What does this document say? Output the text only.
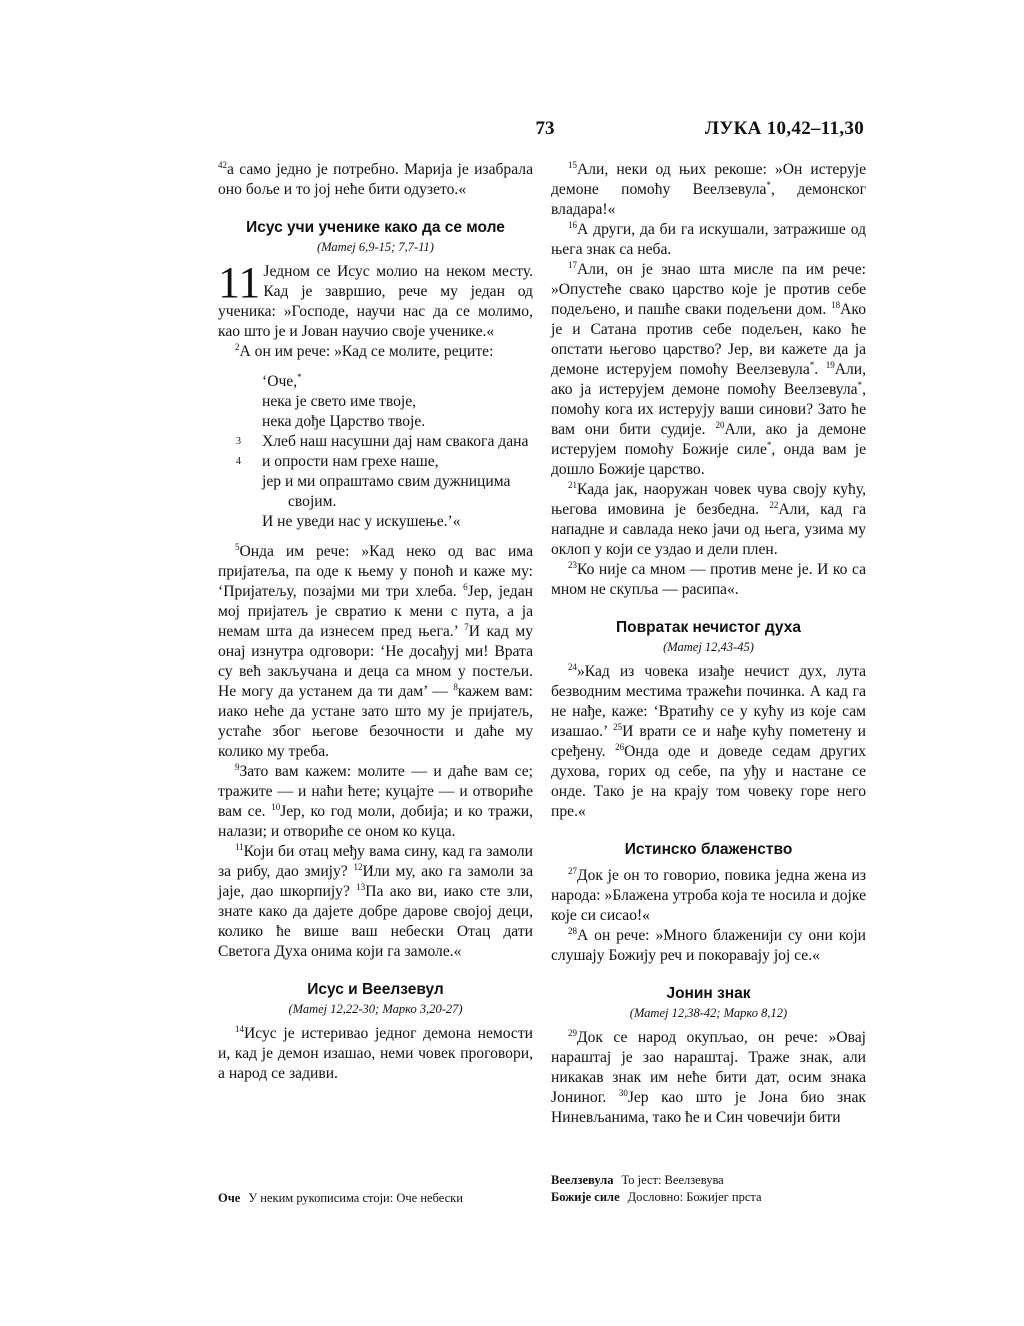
73	ЛУКА 10,42–11,30

$^{42}$а само једно је потребно. Марија је изабрала оно боље и то јој неће бити одузето.«

Исус учи ученике како да се моле
(Матеј 6,9-15; 7,7-11)

11 Једном се Исус молио на неком месту. Кад је завршио, рече му један од ученика: »Господе, научи нас да се молимо, као што је и Јован научио своје ученике.«

$^2$А он им рече: »Кад се молите, реците:

‘Оче,*
нека је свето име твоје,
нека дође Царство твоје.
3 Хлеб наш насушни дај нам свакога дана
4 и опрости нам грехе наше,
јер и ми опраштамо свим дужницима
својим.
И не уведи нас у искушење.’«

$^5$Онда им рече: »Кад неко од вас има пријатеља, па оде к њему у поноћ и каже му: ‘Пријатељу, позајми ми три хлеба. $^6$Јер, један мој пријатељ је свратио к мени с пута, а ја немам шта да изнесем пред њега.’ $^7$И кад му онај изнутра одговори: ‘Не досађуј ми! Врата су већ закључана и деца са мном у постељи. Не могу да устанем да ти дам’ — $^8$кажем вам: иако неће да устане зато што му је пријатељ, устаће због његове безочности и даће му колико му треба.

$^9$Зато вам кажем: молите — и даће вам се; тражите — и наћи ћете; куцајте — и отвориће вам се. $^{10}$Јер, ко год моли, добија; и ко тражи, налази; и отвориће се оном ко куца.

$^{11}$Који би отац међу вама сину, кад га замоли за рибу, дао змију? $^{12}$Или му, ако га замоли за јаје, дао шкорпију? $^{13}$Па ако ви, иако сте зли, знате како да дајете добре дарове својој деци, колико ће више ваш небески Отац дати Светога Духа онима који га замоле.«

Исус и Веелзевул
(Матеј 12,22-30; Марко 3,20-27)

$^{14}$Исус је истеривао једног демона немости и, кад је демон изашао, неми човек проговори, а народ се задиви.

$^{15}$Али, неки од њих рекоше: »Он истерује демоне помоћу Веелзевула*, демонског владара!«

$^{16}$А други, да би га искушали, затражише од њега знак са неба.

$^{17}$Али, он је знао шта мисле па им рече: »Опустеће свако царство које је против себе подељено, и пашће сваки подељени дом. $^{18}$Ако је и Сатана против себе подељен, како ће опстати његово царство? Јер, ви кажете да ја демоне истерујем помоћу Веелзевула*. $^{19}$Али, ако ја истерујем демоне помоћу Веелзевула*, помоћу кога их истерују ваши синови? Зато ће вам они бити судије. $^{20}$Али, ако ја демоне истерујем помоћу Божије силе*, онда вам је дошло Божије царство.

$^{21}$Када јак, наоружан човек чува своју кућу, његова имовина је безбедна. $^{22}$Али, кад га нападне и савлада неко јачи од њега, узима му оклоп у који се уздао и дели плен.

$^{23}$Ко није са мном — против мене је. И ко са мном не скупља — расипа«.

Повратак нечистог духа
(Матеј 12,43-45)

$^{24}$»Кад из човека изађе нечист дух, лута безводним местима тражећи починка. А кад га не нађе, каже: ‘Вратићу се у кућу из које сам изашао.’ $^{25}$И врати се и нађе кућу пометену и сређену. $^{26}$Онда оде и доведе седам других духова, горих од себе, па уђу и настане се онде. Тако је на крају том човеку горе него пре.«

Истинско блаженство

$^{27}$Док је он то говорио, повика једна жена из народа: »Блажена утроба која те носила и дојке које си сисао!«

$^{28}$А он рече: »Много блаженији су они који слушају Божију реч и покоравају јој се.«

Јонин знак
(Матеј 12,38-42; Марко 8,12)

$^{29}$Док се народ окупљао, он рече: »Овај нараштај је зао нараштај. Траже знак, али никакав знак им неће бити дат, осим знака Јониног. $^{30}$Јер као што је Јона био знак Ниневљанима, тако ће и Син човечији бити

Оче У неким рукописима стоји: Оче небески
Веелзевула То јест: Веелзевува
Божије силе Дословно: Божијег прста
